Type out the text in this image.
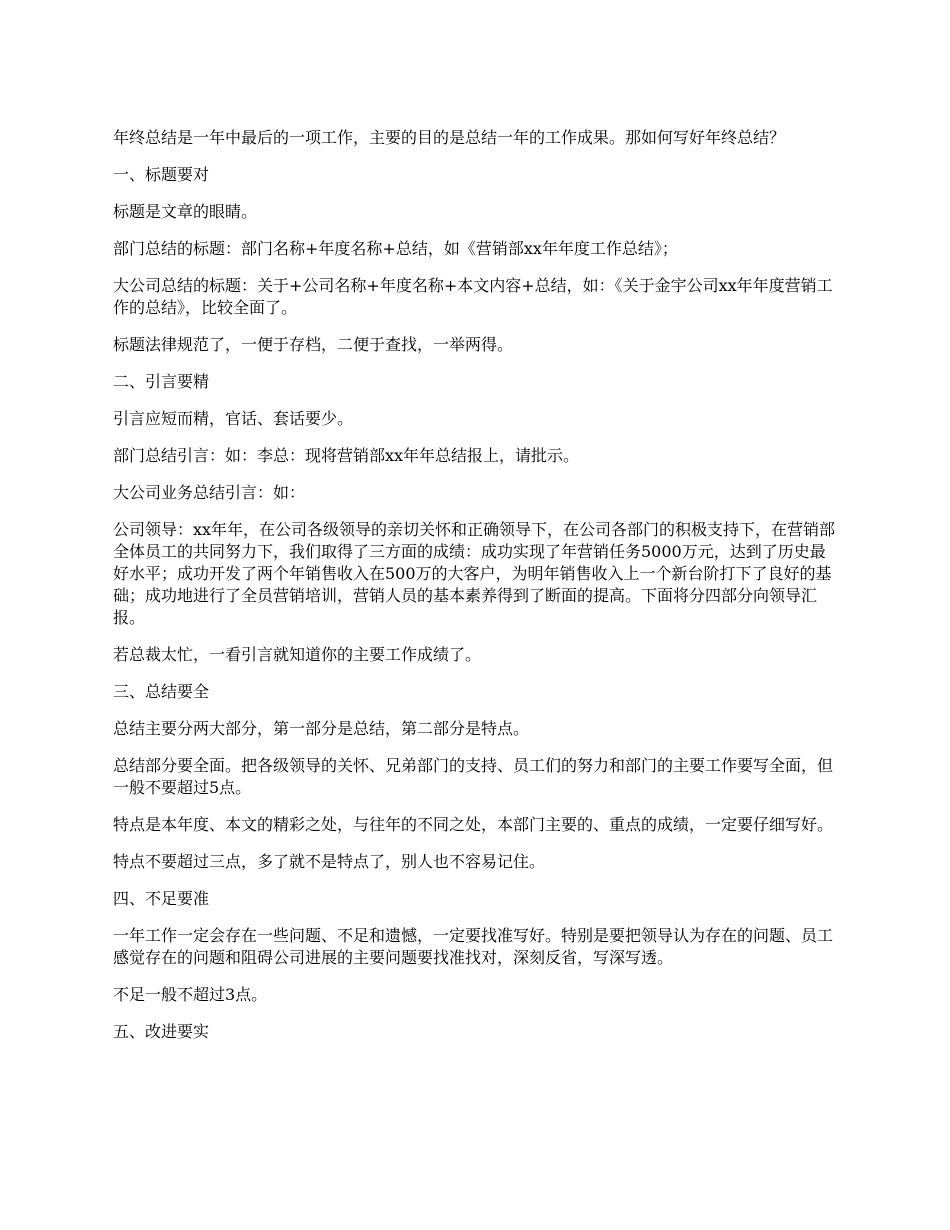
年终总结是一年中最后的一项工作，主要的目的是总结一年的工作成果。那如何写好年终总结？

一、标题要对

标题是文章的眼睛。

部门总结的标题：部门名称+年度名称+总结，如《营销部xx年年度工作总结》；

大公司总结的标题：关于+公司名称+年度名称+本文内容+总结，如：《关于金宇公司xx年年度营销工作的总结》，比较全面了。

标题法律规范了，一便于存档，二便于查找，一举两得。

二、引言要精

引言应短而精，官话、套话要少。

部门总结引言：如：李总：现将营销部xx年年总结报上，请批示。

大公司业务总结引言：如：

公司领导：xx年年，在公司各级领导的亲切关怀和正确领导下，在公司各部门的积极支持下，在营销部全体员工的共同努力下，我们取得了三方面的成绩：成功实现了年营销任务5000万元，达到了历史最好水平；成功开发了两个年销售收入在500万的大客户，为明年销售收入上一个新台阶打下了良好的基础；成功地进行了全员营销培训，营销人员的基本素养得到了断面的提高。下面将分四部分向领导汇报。

若总裁太忙，一看引言就知道你的主要工作成绩了。

三、总结要全

总结主要分两大部分，第一部分是总结，第二部分是特点。

总结部分要全面。把各级领导的关怀、兄弟部门的支持、员工们的努力和部门的主要工作要写全面，但一般不要超过5点。

特点是本年度、本文的精彩之处，与往年的不同之处，本部门主要的、重点的成绩，一定要仔细写好。

特点不要超过三点，多了就不是特点了，别人也不容易记住。

四、不足要准

一年工作一定会存在一些问题、不足和遗憾，一定要找准写好。特别是要把领导认为存在的问题、员工感觉存在的问题和阻碍公司进展的主要问题要找准找对，深刻反省，写深写透。

不足一般不超过3点。

五、改进要实
